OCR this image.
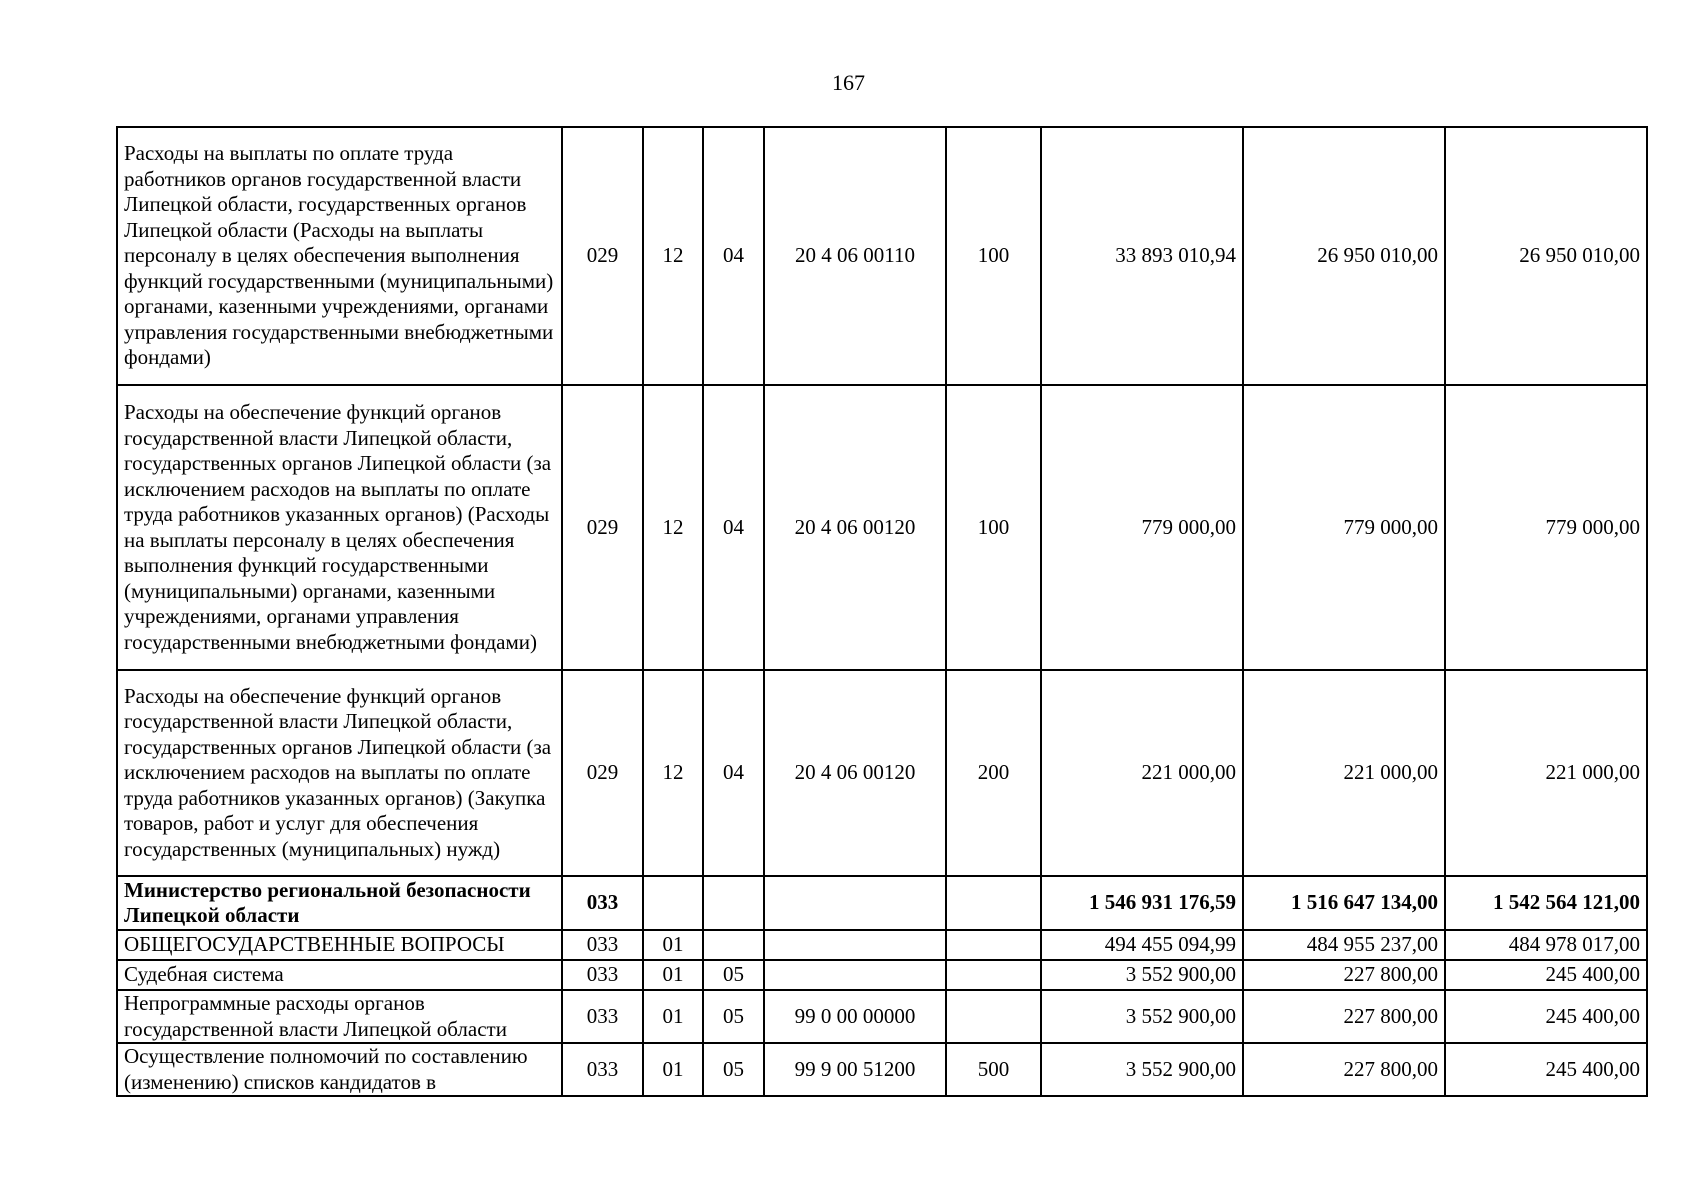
167
Расходы на выплаты по оплате труда работников органов государственной власти Липецкой области, государственных органов Липецкой области (Расходы на выплаты персоналу в целях обеспечения выполнения функций государственными (муниципальными) органами, казенными учреждениями, органами управления государственными внебюджетными фондами)	029	12	04	20 4 06 00110	100	33 893 010,94	26 950 010,00	26 950 010,00
Расходы на обеспечение функций органов государственной власти Липецкой области, государственных органов Липецкой области (за исключением расходов на выплаты по оплате труда работников указанных органов) (Расходы на выплаты персоналу в целях обеспечения выполнения функций государственными (муниципальными) органами, казенными учреждениями, органами управления государственными внебюджетными фондами)	029	12	04	20 4 06 00120	100	779 000,00	779 000,00	779 000,00
Расходы на обеспечение функций органов государственной власти Липецкой области, государственных органов Липецкой области (за исключением расходов на выплаты по оплате труда работников указанных органов) (Закупка товаров, работ и услуг для обеспечения государственных (муниципальных) нужд)	029	12	04	20 4 06 00120	200	221 000,00	221 000,00	221 000,00
Министерство региональной безопасности Липецкой области	033					1 546 931 176,59	1 516 647 134,00	1 542 564 121,00
ОБЩЕГОСУДАРСТВЕННЫЕ ВОПРОСЫ	033	01				494 455 094,99	484 955 237,00	484 978 017,00
Судебная система	033	01	05			3 552 900,00	227 800,00	245 400,00
Непрограммные расходы органов государственной власти Липецкой области	033	01	05	99 0 00 00000		3 552 900,00	227 800,00	245 400,00
Осуществление полномочий по составлению (изменению) списков кандидатов в	033	01	05	99 9 00 51200	500	3 552 900,00	227 800,00	245 400,00
